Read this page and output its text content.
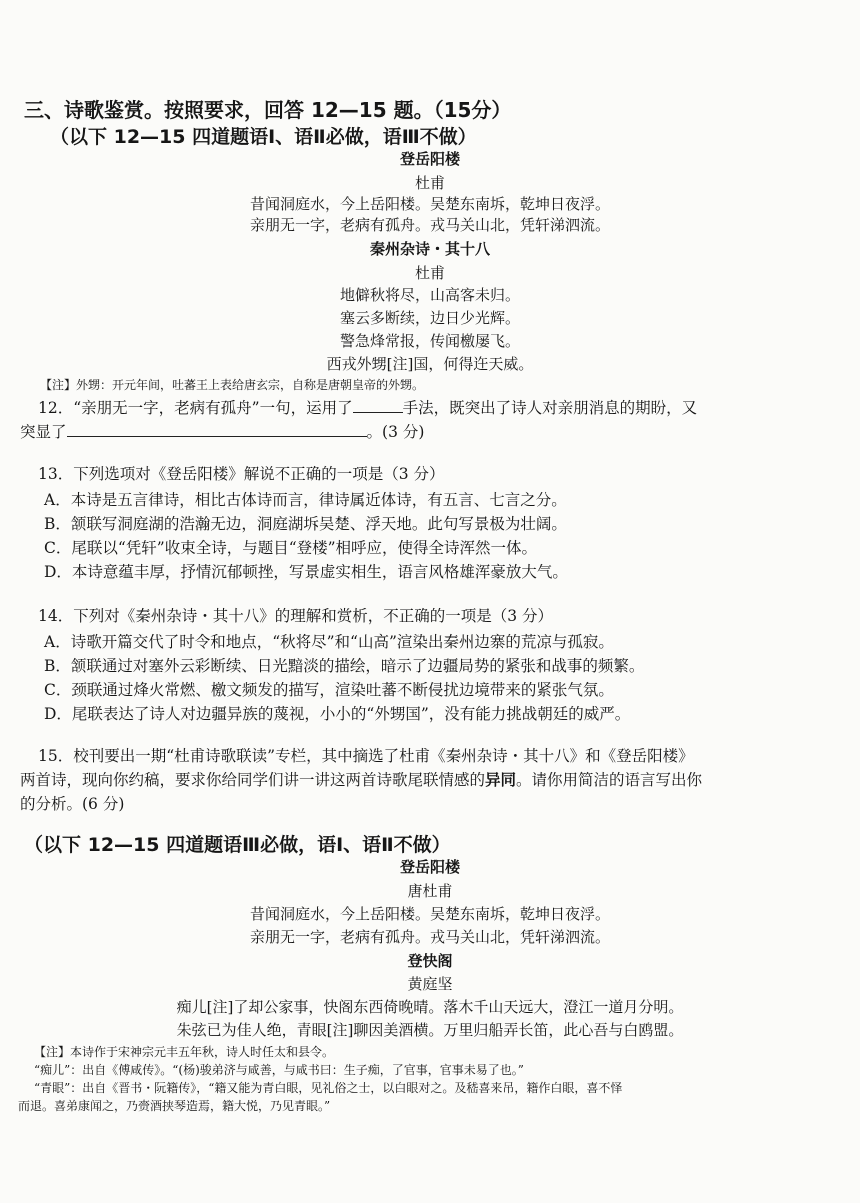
三、诗歌鉴赏。按照要求，回答 12—15 题。（15分）
（以下 12—15 四道题语Ⅰ、语Ⅱ必做，语Ⅲ不做）
登岳阳楼
杜甫
昔闻洞庭水，今上岳阳楼。吴楚东南坼，乾坤日夜浮。
亲朋无一字，老病有孤舟。戎马关山北，凭轩涕泗流。
秦州杂诗・其十八
杜甫
地僻秋将尽，山高客未归。
塞云多断续，边日少光辉。
警急烽常报，传闻檄屡飞。
西戎外甥[注]国，何得迕天威。
【注】外甥：开元年间，吐蕃王上表给唐玄宗，自称是唐朝皇帝的外甥。
12．“亲朋无一字，老病有孤舟”一句，运用了	手法，既突出了诗人对亲朋消息的期盼，又
突显了	。(3 分)
13．下列选项对《登岳阳楼》解说不正确的一项是（3 分）
A．本诗是五言律诗，相比古体诗而言，律诗属近体诗，有五言、七言之分。
B．颔联写洞庭湖的浩瀚无边，洞庭湖坼吴楚、浮天地。此句写景极为壮阔。
C．尾联以“凭轩”收束全诗，与题目“登楼”相呼应，使得全诗浑然一体。
D．本诗意蕴丰厚，抒情沉郁顿挫，写景虚实相生，语言风格雄浑豪放大气。
14．下列对《秦州杂诗・其十八》的理解和赏析，不正确的一项是（3 分）
A．诗歌开篇交代了时令和地点，“秋将尽”和“山高”渲染出秦州边寨的荒凉与孤寂。
B．颔联通过对塞外云彩断续、日光黯淡的描绘，暗示了边疆局势的紧张和战事的频繁。
C．颈联通过烽火常燃、檄文频发的描写，渲染吐蕃不断侵扰边境带来的紧张气氛。
D．尾联表达了诗人对边疆异族的蔑视，小小的“外甥国”，没有能力挑战朝廷的威严。
15．校刊要出一期“杜甫诗歌联读”专栏，其中摘选了杜甫《秦州杂诗・其十八》和《登岳阳楼》
两首诗，现向你约稿，要求你给同学们讲一讲这两首诗歌尾联情感的异同。请你用简洁的语言写出你
的分析。(6 分)
（以下 12—15 四道题语Ⅲ必做，语Ⅰ、语Ⅱ不做）
登岳阳楼
唐杜甫
昔闻洞庭水，今上岳阳楼。吴楚东南坼，乾坤日夜浮。
亲朋无一字，老病有孤舟。戎马关山北，凭轩涕泗流。
登快阁
黄庭坚
痴儿[注]了却公家事，快阁东西倚晚晴。落木千山天远大，澄江一道月分明。
朱弦已为佳人绝，青眼[注]聊因美酒横。万里归船弄长笛，此心吾与白鸥盟。
【注】本诗作于宋神宗元丰五年秋，诗人时任太和县令。
“痴儿”：出自《傅咸传》。“(杨)骏弟济与咸善，与咸书曰：生子痴，了官事，官事未易了也。”
“青眼”：出自《晋书・阮籍传》，“籍又能为青白眼，见礼俗之士，以白眼对之。及嵇喜来吊，籍作白眼，喜不怿
而退。喜弟康闻之，乃赍酒挟琴造焉，籍大悦，乃见青眼。”
